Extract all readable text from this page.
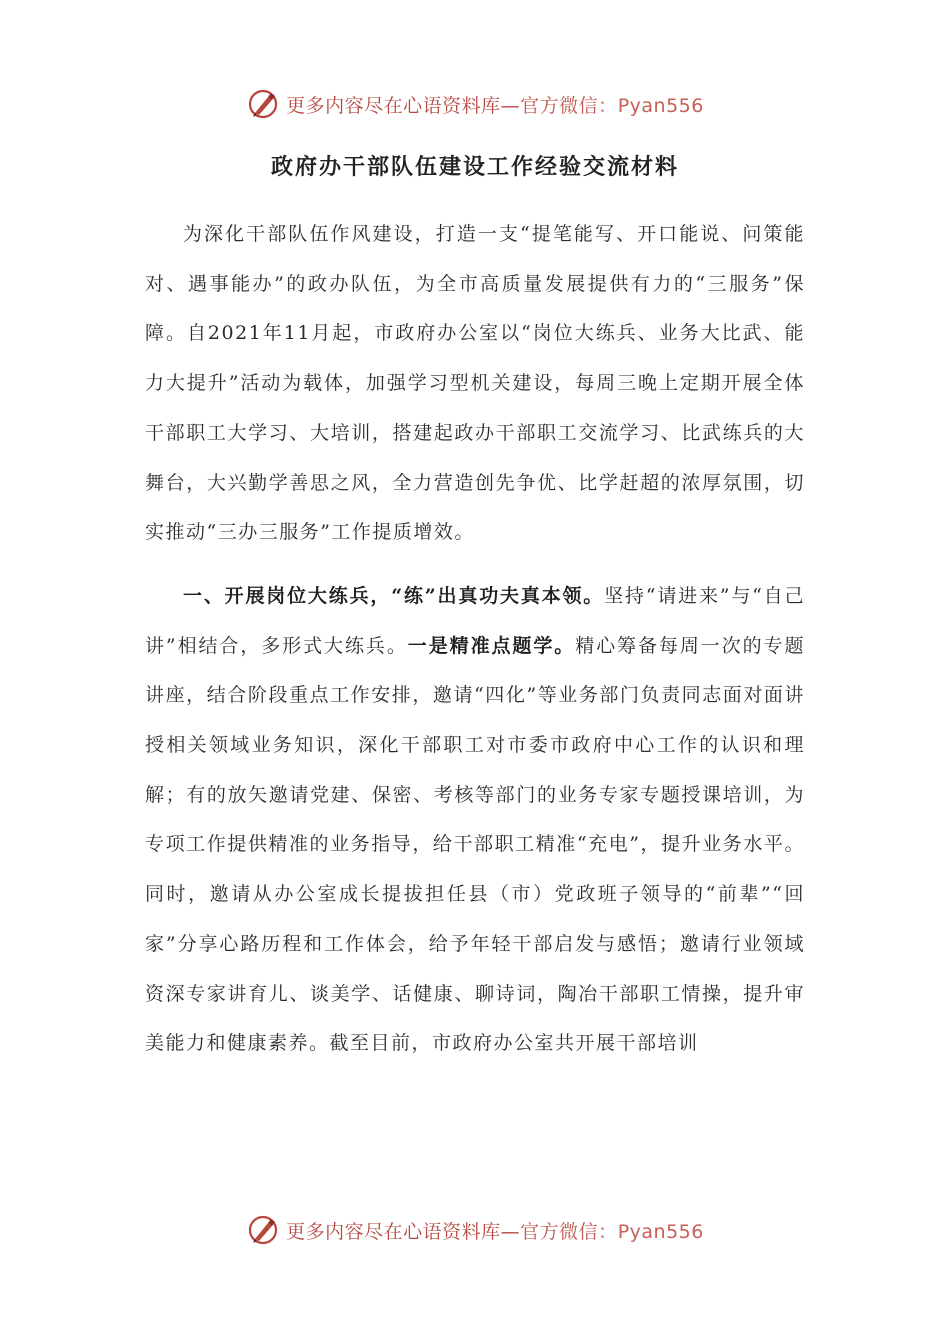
更多内容尽在心语资料库—官方微信：Pyan556
政府办干部队伍建设工作经验交流材料

为深化干部队伍作风建设，打造一支“提笔能写、开口能说、问策能对、遇事能办”的政办队伍，为全市高质量发展提供有力的“三服务”保障。自2021年11月起，市政府办公室以“岗位大练兵、业务大比武、能力大提升”活动为载体，加强学习型机关建设，每周三晚上定期开展全体干部职工大学习、大培训，搭建起政办干部职工交流学习、比武练兵的大舞台，大兴勤学善思之风，全力营造创先争优、比学赶超的浓厚氛围，切实推动“三办三服务”工作提质增效。

一、开展岗位大练兵，“练”出真功夫真本领。坚持“请进来”与“自己讲”相结合，多形式大练兵。一是精准点题学。精心筹备每周一次的专题讲座，结合阶段重点工作安排，邀请“四化”等业务部门负责同志面对面讲授相关领域业务知识，深化干部职工对市委市政府中心工作的认识和理解；有的放矢邀请党建、保密、考核等部门的业务专家专题授课培训，为专项工作提供精准的业务指导，给干部职工精准“充电”，提升业务水平。同时，邀请从办公室成长提拔担任县（市）党政班子领导的“前辈”“回家”分享心路历程和工作体会，给予年轻干部启发与感悟；邀请行业领域资深专家讲育儿、谈美学、话健康、聊诗词，陶冶干部职工情操，提升审美能力和健康素养。截至目前，市政府办公室共开展干部培训

更多内容尽在心语资料库—官方微信：Pyan556
